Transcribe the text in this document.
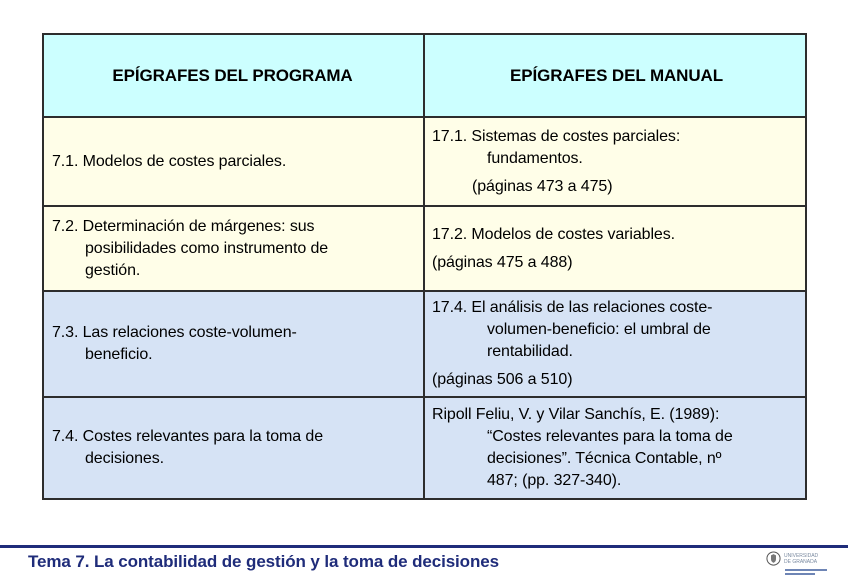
EPÍGRAFES DEL PROGRAMA	EPÍGRAFES DEL MANUAL
7.1. Modelos de costes parciales.
17.1. Sistemas de costes parciales:
fundamentos.
(páginas 473 a 475)
7.2. Determinación de márgenes: sus
posibilidades como instrumento de
gestión.
17.2. Modelos de costes variables.
(páginas 475 a 488)
7.3. Las relaciones coste-volumen-
beneficio.
17.4. El análisis de las relaciones coste-
volumen-beneficio: el umbral de
rentabilidad.
(páginas 506 a 510)
7.4. Costes relevantes para la toma de
decisiones.
Ripoll Feliu, V. y Vilar Sanchís, E. (1989):
“Costes relevantes para la toma de
decisiones”. Técnica Contable, nº
487; (pp. 327-340).
Tema 7. La contabilidad de gestión y la toma de decisiones	UNIVERSIDAD
DE GRANADA
